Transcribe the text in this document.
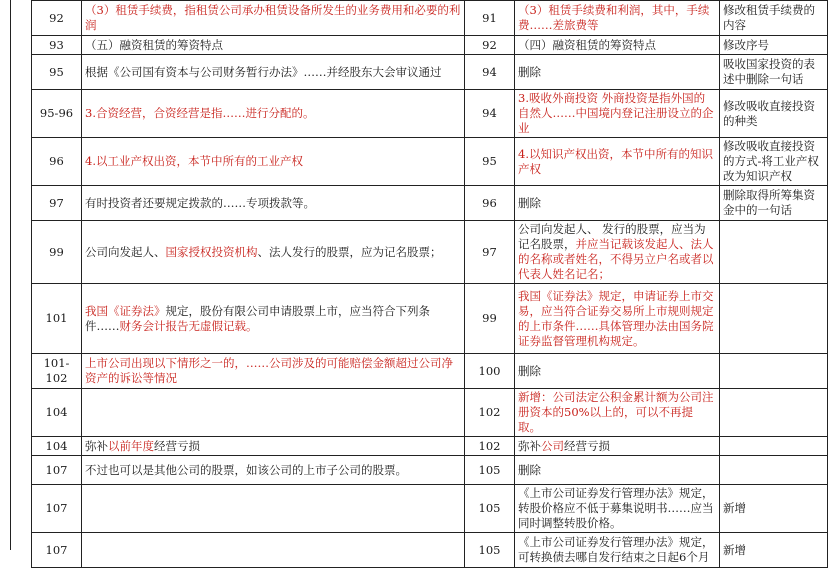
92	（3）租赁手续费，指租赁公司承办租赁设备所发生的业务费用和必要的利润	91	（3）租赁手续费和利润，其中，手续费……差旅费等	修改租赁手续费的内容
93	（五）融资租赁的筹资特点	92	（四）融资租赁的筹资特点	修改序号
95	根据《公司国有资本与公司财务暂行办法》……并经股东大会审议通过	94	删除	吸收国家投资的表述中删除一句话
95-96	3.合资经营，合资经营是指……进行分配的。	94	3.吸收外商投资 外商投资是指外国的自然人……中国境内登记注册设立的企业	修改吸收直接投资的种类
96	4.以工业产权出资，本节中所有的工业产权	95	4.以知识产权出资，本节中所有的知识产权	修改吸收直接投资的方式-将工业产权改为知识产权
97	有时投资者还要规定拨款的……专项拨款等。	96	删除	删除取得所筹集资金中的一句话
99	公司向发起人、国家授权投资机构、法人发行的股票，应为记名股票；	97	公司向发起人、 发行的股票，应当为记名股票，并应当记载该发起人、法人的名称或者姓名，不得另立户名或者以代表人姓名记名；	
101	我国《证券法》规定，股份有限公司申请股票上市，应当符合下列条件……财务会计报告无虚假记载。	99	我国《证券法》规定，申请证券上市交易，应当符合证券交易所上市规则规定的上市条件……具体管理办法由国务院证券监督管理机构规定。	
101-102	上市公司出现以下情形之一的，……公司涉及的可能赔偿金额超过公司净资产的诉讼等情况	100	删除	
104		102	新增：公司法定公积金累计额为公司注册资本的50%以上的，可以不再提取。	
104	弥补以前年度经营亏损	102	弥补公司经营亏损	
107	不过也可以是其他公司的股票，如该公司的上市子公司的股票。	105	删除	
107		105	《上市公司证券发行管理办法》规定，转股价格应不低于募集说明书……应当同时调整转股价格。	新增
107		105	《上市公司证券发行管理办法》规定，可转换债去哪自发行结束之日起6个月	新增
